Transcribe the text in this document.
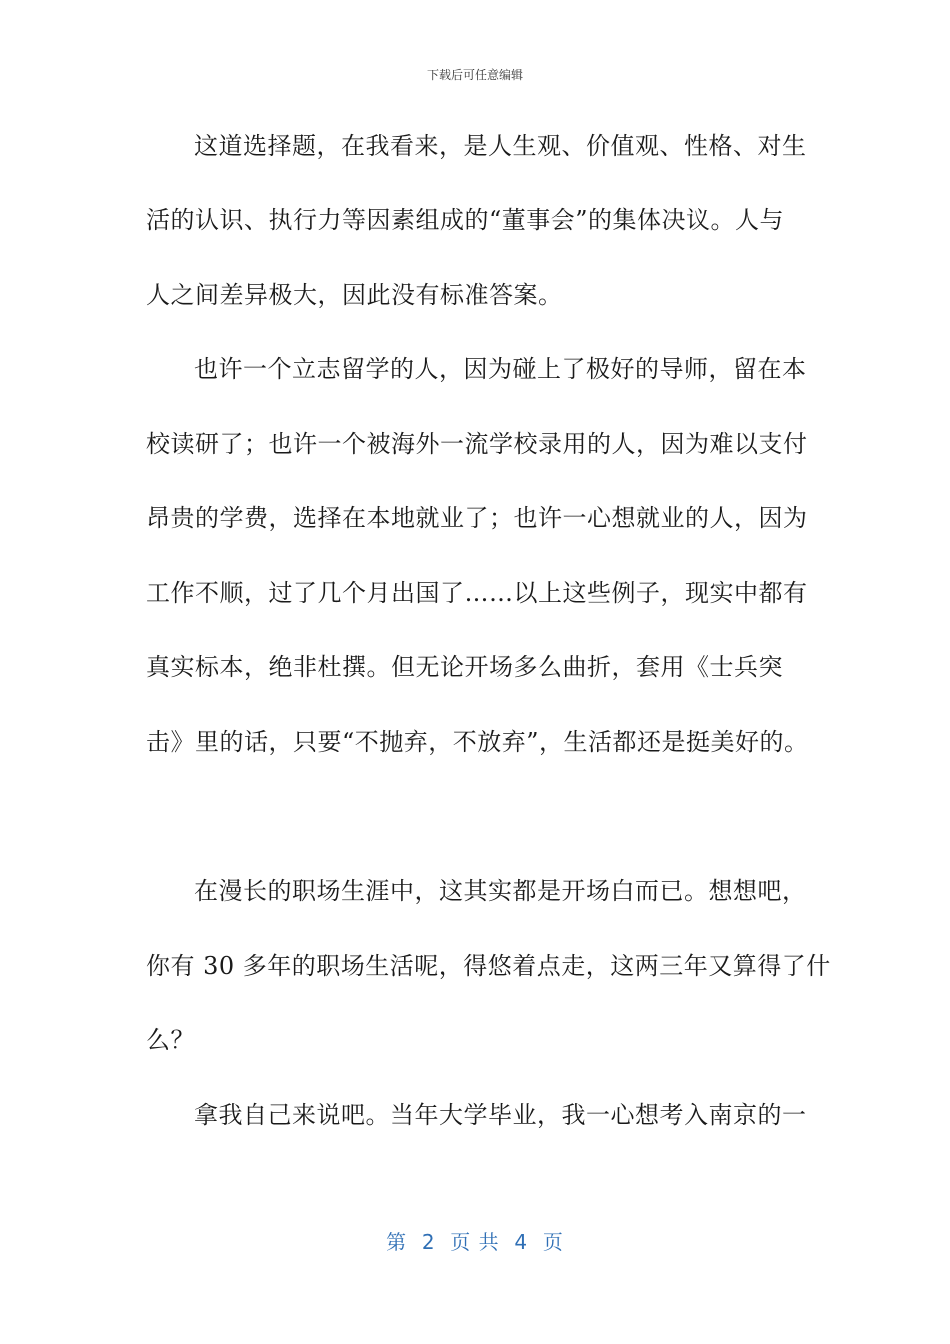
下载后可任意编辑
这道选择题，在我看来，是人生观、价值观、性格、对生
活的认识、执行力等因素组成的“董事会”的集体决议。人与
人之间差异极大，因此没有标准答案。
也许一个立志留学的人，因为碰上了极好的导师，留在本
校读研了；也许一个被海外一流学校录用的人，因为难以支付
昂贵的学费，选择在本地就业了；也许一心想就业的人，因为
工作不顺，过了几个月出国了……以上这些例子，现实中都有
真实标本，绝非杜撰。但无论开场多么曲折，套用《士兵突
击》里的话，只要“不抛弃，不放弃”，生活都还是挺美好的。
在漫长的职场生涯中，这其实都是开场白而已。想想吧，
你有 30 多年的职场生活呢，得悠着点走，这两三年又算得了什
么？
拿我自己来说吧。当年大学毕业，我一心想考入南京的一
第  2  页 共  4  页
